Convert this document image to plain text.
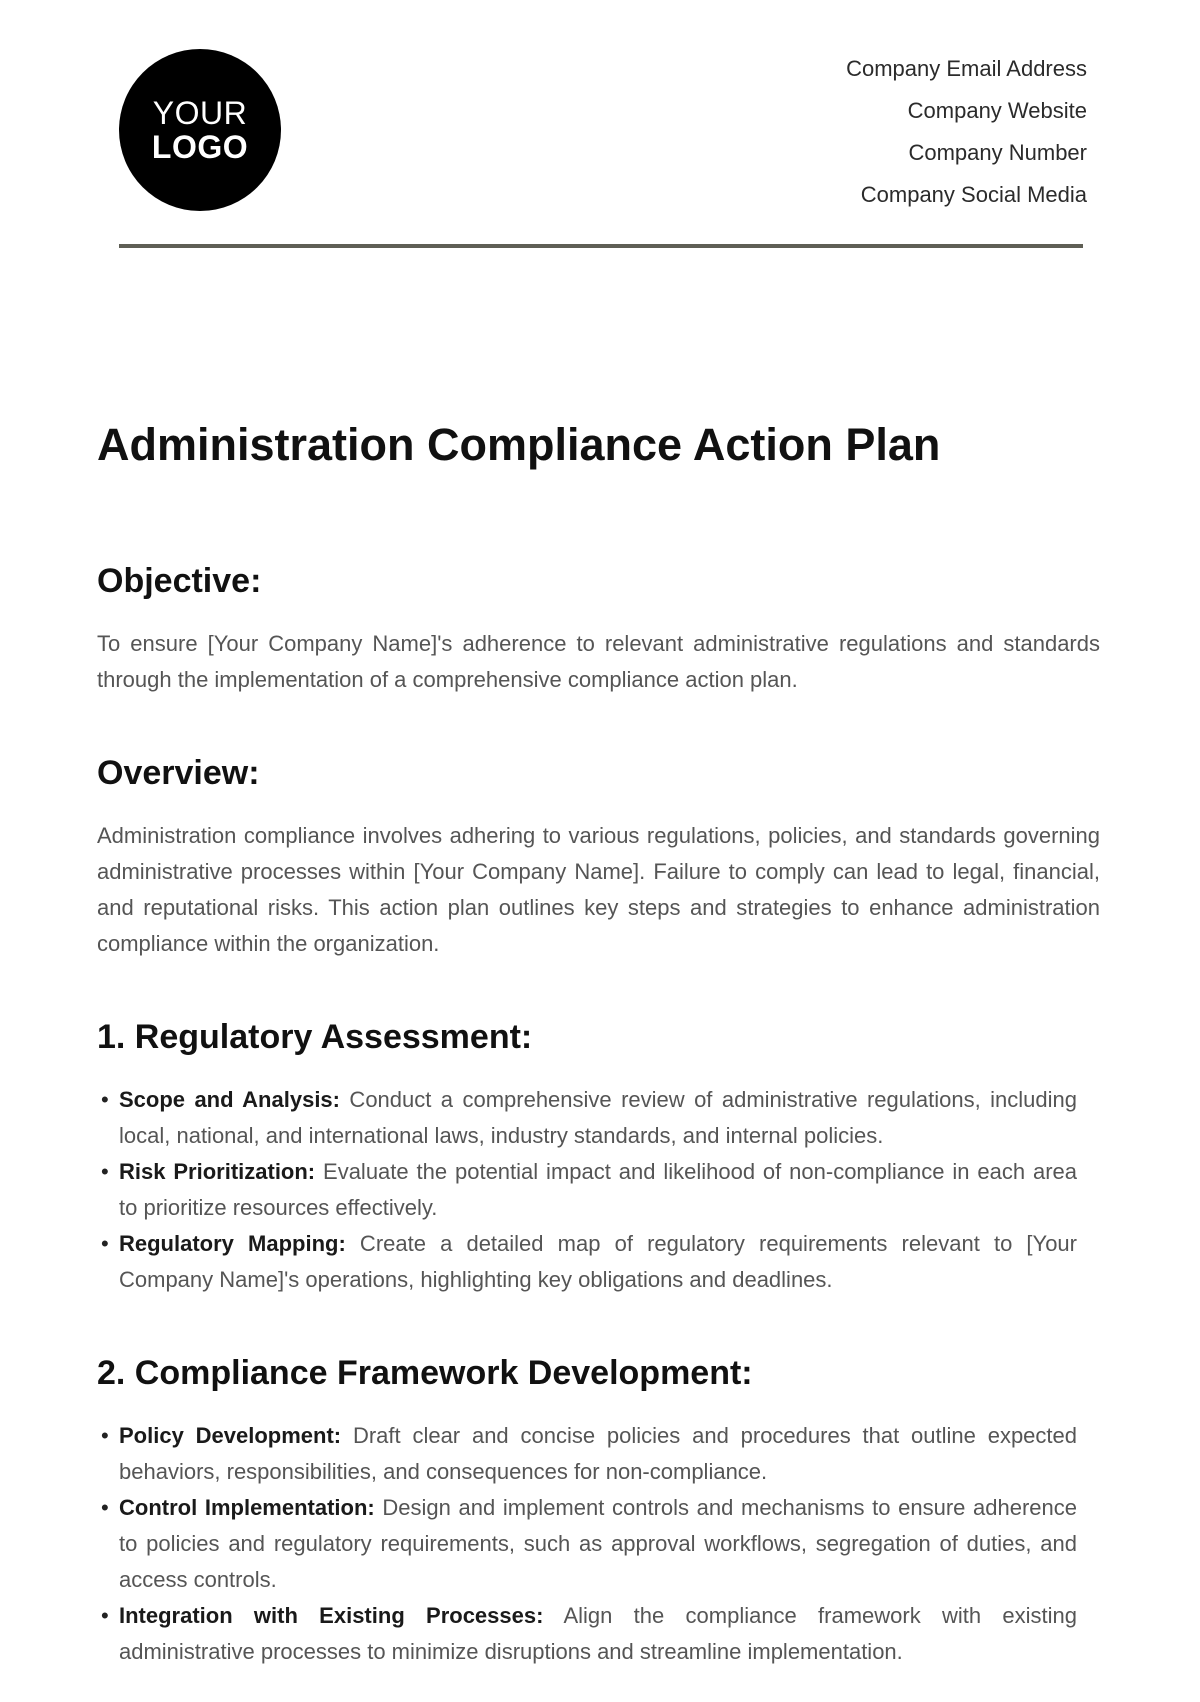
YOUR
LOGO
Company Email Address
Company Website
Company Number
Company Social Media
Administration Compliance Action Plan
Objective:

To ensure [Your Company Name]'s adherence to relevant administrative regulations and standards through the implementation of a comprehensive compliance action plan.

Overview:

Administration compliance involves adhering to various regulations, policies, and standards governing administrative processes within [Your Company Name]. Failure to comply can lead to legal, financial, and reputational risks. This action plan outlines key steps and strategies to enhance administration compliance within the organization.

1. Regulatory Assessment:
• Scope and Analysis: Conduct a comprehensive review of administrative regulations, including local, national, and international laws, industry standards, and internal policies.
• Risk Prioritization: Evaluate the potential impact and likelihood of non-compliance in each area to prioritize resources effectively.
• Regulatory Mapping: Create a detailed map of regulatory requirements relevant to [Your Company Name]'s operations, highlighting key obligations and deadlines.
2. Compliance Framework Development:
• Policy Development: Draft clear and concise policies and procedures that outline expected behaviors, responsibilities, and consequences for non-compliance.
• Control Implementation: Design and implement controls and mechanisms to ensure adherence to policies and regulatory requirements, such as approval workflows, segregation of duties, and access controls.
• Integration with Existing Processes: Align the compliance framework with existing administrative processes to minimize disruptions and streamline implementation.
